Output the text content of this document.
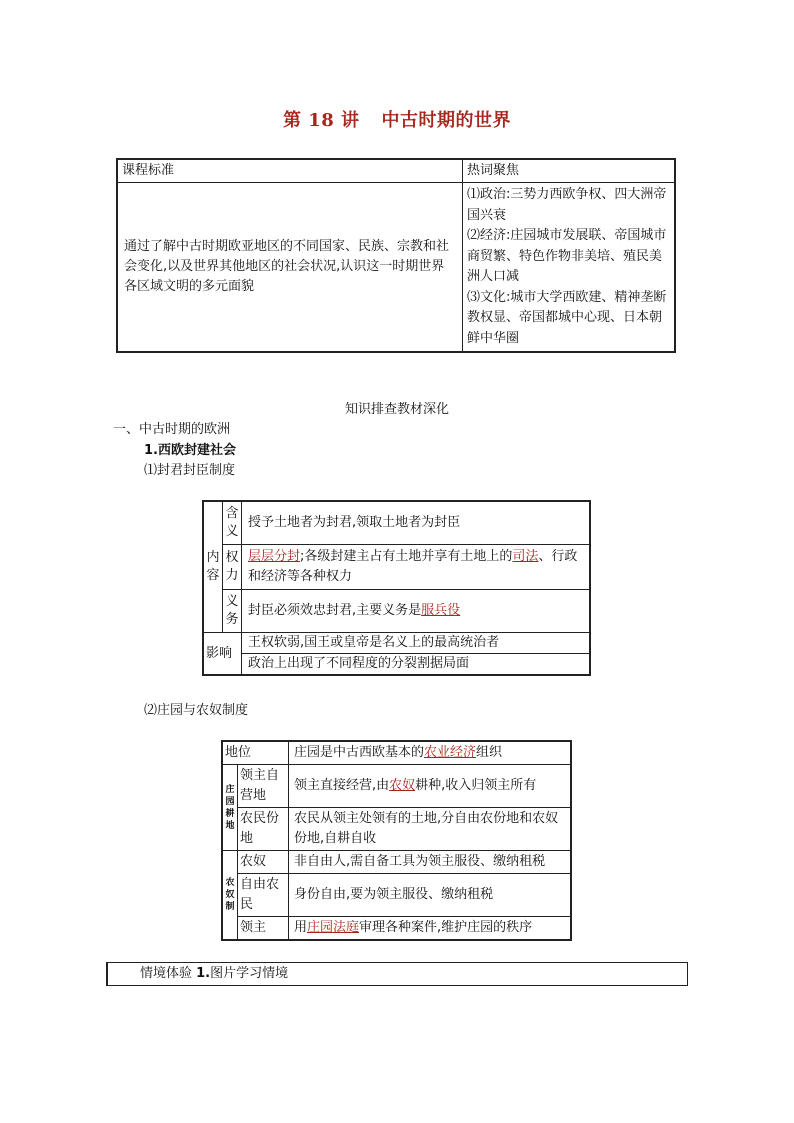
第 18 讲 中古时期的世界
课程标准	热词聚焦
通过了解中古时期欧亚地区的不同国家、民族、宗教和社会变化,以及世界其他地区的社会状况,认识这一时期世界各区域文明的多元面貌	⑴政治:三势力西欧争权、四大洲帝国兴衰
⑵经济:庄园城市发展联、帝国城市商贸繁、特色作物非美培、殖民美洲人口减
⑶文化:城市大学西欧建、精神垄断教权显、帝国都城中心现、日本朝鲜中华圈
知识排查教材深化
一、中古时期的欧洲
1.西欧封建社会
⑴封君封臣制度
内容	含义	授予土地者为封君,领取土地者为封臣
	权力	层层分封;各级封建主占有土地并享有土地上的司法、行政和经济等各种权力
	义务	封臣必须效忠封君,主要义务是服兵役
影响		王权软弱,国王或皇帝是名义上的最高统治者
		政治上出现了不同程度的分裂割据局面
⑵庄园与农奴制度
地位		庄园是中古西欧基本的农业经济组织
庄园耕地	领主自营地	领主直接经营,由农奴耕种,收入归领主所有
	农民份地	农民从领主处领有的土地,分自由农份地和农奴份地,自耕自收
农奴制	农奴	非自由人,需自备工具为领主服役、缴纳租税
	自由农民	身份自由,要为领主服役、缴纳租税
	领主	用庄园法庭审理各种案件,维护庄园的秩序
情境体验 1.图片学习情境
